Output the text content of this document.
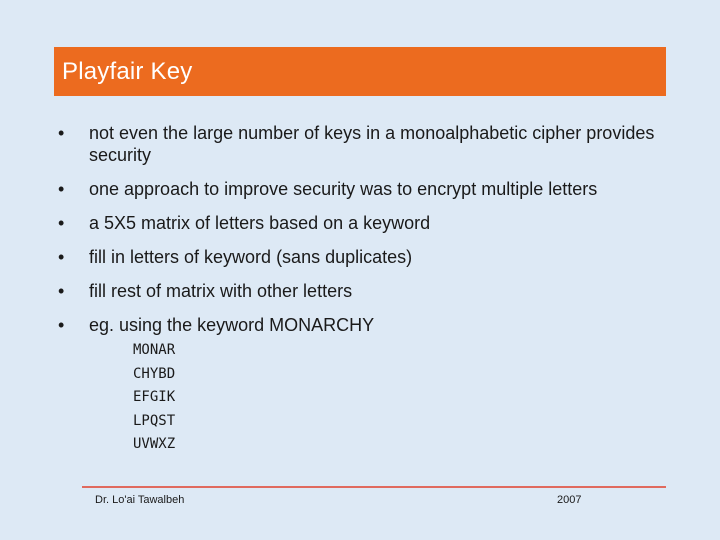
Playfair Key
•	not even the large number of keys in a monoalphabetic cipher provides security
•	one approach to improve security was to encrypt multiple letters
•	a 5X5 matrix of letters based on a keyword
•	fill in letters of keyword (sans duplicates)
•	fill rest of matrix with other letters
•	eg. using the keyword MONARCHY
MONAR
CHYBD
EFGIK
LPQST
UVWXZ
Dr. Lo'ai Tawalbeh	2007
